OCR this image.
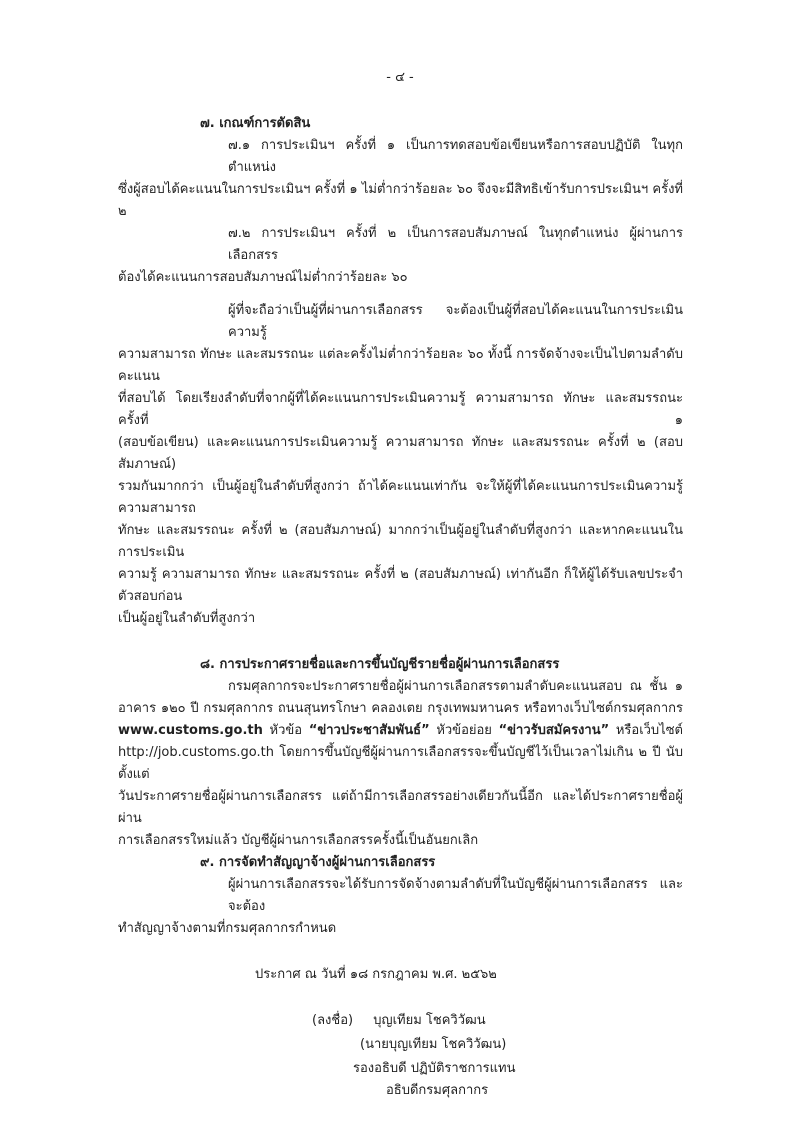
- ๔ -
๗. เกณฑ์การตัดสิน
๗.๑ การประเมินฯ ครั้งที่ ๑ เป็นการทดสอบข้อเขียนหรือการสอบปฏิบัติ ในทุกตำแหน่ง
ซึ่งผู้สอบได้คะแนนในการประเมินฯ ครั้งที่ ๑ ไม่ต่ำกว่าร้อยละ ๖๐ จึงจะมีสิทธิเข้ารับการประเมินฯ ครั้งที่ ๒
๗.๒ การประเมินฯ ครั้งที่ ๒ เป็นการสอบสัมภาษณ์ ในทุกตำแหน่ง ผู้ผ่านการเลือกสรร
ต้องได้คะแนนการสอบสัมภาษณ์ไม่ต่ำกว่าร้อยละ ๖๐
ผู้ที่จะถือว่าเป็นผู้ที่ผ่านการเลือกสรร จะต้องเป็นผู้ที่สอบได้คะแนนในการประเมินความรู้
ความสามารถ ทักษะ และสมรรถนะ แต่ละครั้งไม่ต่ำกว่าร้อยละ ๖๐ ทั้งนี้ การจัดจ้างจะเป็นไปตามลำดับคะแนน
ที่สอบได้ โดยเรียงลำดับที่จากผู้ที่ได้คะแนนการประเมินความรู้ ความสามารถ ทักษะ และสมรรถนะ ครั้งที่ ๑
(สอบข้อเขียน) และคะแนนการประเมินความรู้ ความสามารถ ทักษะ และสมรรถนะ ครั้งที่ ๒ (สอบสัมภาษณ์)
รวมกันมากกว่า เป็นผู้อยู่ในลำดับที่สูงกว่า ถ้าได้คะแนนเท่ากัน จะให้ผู้ที่ได้คะแนนการประเมินความรู้ ความสามารถ
ทักษะ และสมรรถนะ ครั้งที่ ๒ (สอบสัมภาษณ์) มากกว่าเป็นผู้อยู่ในลำดับที่สูงกว่า และหากคะแนนในการประเมิน
ความรู้ ความสามารถ ทักษะ และสมรรถนะ ครั้งที่ ๒ (สอบสัมภาษณ์) เท่ากันอีก ก็ให้ผู้ได้รับเลขประจำตัวสอบก่อน
เป็นผู้อยู่ในลำดับที่สูงกว่า
๘. การประกาศรายชื่อและการขึ้นบัญชีรายชื่อผู้ผ่านการเลือกสรร
กรมศุลกากรจะประกาศรายชื่อผู้ผ่านการเลือกสรรตามลำดับคะแนนสอบ ณ ชั้น ๑
อาคาร ๑๒๐ ปี กรมศุลกากร ถนนสุนทรโกษา คลองเตย กรุงเทพมหานคร หรือทางเว็บไซต์กรมศุลกากร
www.customs.go.th หัวข้อ “ข่าวประชาสัมพันธ์” หัวข้อย่อย “ข่าวรับสมัครงาน” หรือเว็บไซต์
http://job.customs.go.th โดยการขึ้นบัญชีผู้ผ่านการเลือกสรรจะขึ้นบัญชีไว้เป็นเวลาไม่เกิน ๒ ปี นับตั้งแต่
วันประกาศรายชื่อผู้ผ่านการเลือกสรร แต่ถ้ามีการเลือกสรรอย่างเดียวกันนี้อีก และได้ประกาศรายชื่อผู้ผ่าน
การเลือกสรรใหม่แล้ว บัญชีผู้ผ่านการเลือกสรรครั้งนี้เป็นอันยกเลิก
๙. การจัดทำสัญญาจ้างผู้ผ่านการเลือกสรร
ผู้ผ่านการเลือกสรรจะได้รับการจัดจ้างตามลำดับที่ในบัญชีผู้ผ่านการเลือกสรร และจะต้อง
ทำสัญญาจ้างตามที่กรมศุลกากรกำหนด
ประกาศ ณ วันที่ ๑๘ กรกฎาคม พ.ศ. ๒๕๖๒
(ลงชื่อ) บุญเทียม โชควิวัฒน
(นายบุญเทียม โชควิวัฒน)
รองอธิบดี ปฏิบัติราชการแทน
อธิบดีกรมศุลกากร
